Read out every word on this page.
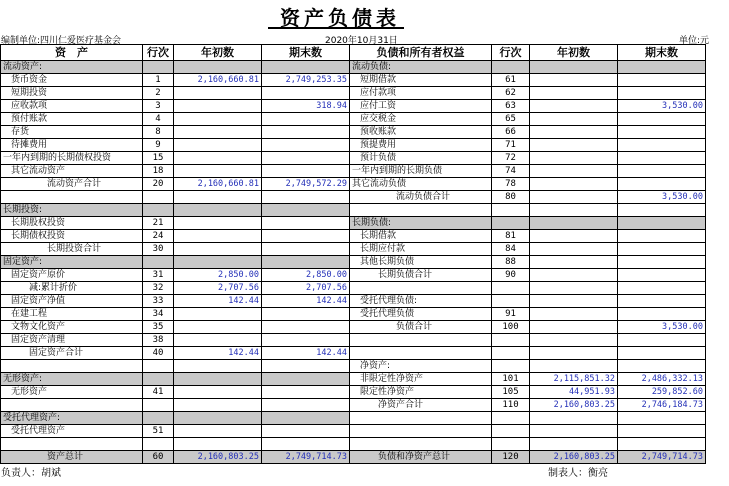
资产负债表
编制单位:四川仁爱医疗基金会	2020年10月31日	单位:元
资　产	行次	年初数	期末数	负债和所有者权益	行次	年初数	期末数
流动资产:				流动负债:			
货币资金	1	2,160,660.81	2,749,253.35	短期借款	61		
短期投资	2			应付款项	62		
应收款项	3		318.94	应付工资	63		3,530.00
预付账款	4			应交税金	65		
存货	8			预收账款	66		
待摊费用	9			预提费用	71		
一年内到期的长期债权投资	15			预计负债	72		
其它流动资产	18			一年内到期的长期负债	74		
流动资产合计	20	2,160,660.81	2,749,572.29	其它流动负债	78		
				流动负债合计	80		3,530.00
长期投资:							
长期股权投资	21			长期负债:			
长期债权投资	24			长期借款	81		
长期投资合计	30			长期应付款	84		
固定资产:				其他长期负债	88		
固定资产原价	31	2,850.00	2,850.00	长期负债合计	90		
减:累计折价	32	2,707.56	2,707.56				
固定资产净值	33	142.44	142.44	受托代理负债:			
在建工程	34			受托代理负债	91		
文物文化资产	35			负债合计	100		3,530.00
固定资产清理	38						
固定资产合计	40	142.44	142.44				
				净资产:			
无形资产:				非限定性净资产	101	2,115,851.32	2,486,332.13
无形资产	41			限定性净资产	105	44,951.93	259,852.60
				净资产合计	110	2,160,803.25	2,746,184.73
受托代理资产:							
受托代理资产	51						

资产总计	60	2,160,803.25	2,749,714.73	负债和净资产总计	120	2,160,803.25	2,749,714.73
负责人：胡斌	制表人：衡亮
